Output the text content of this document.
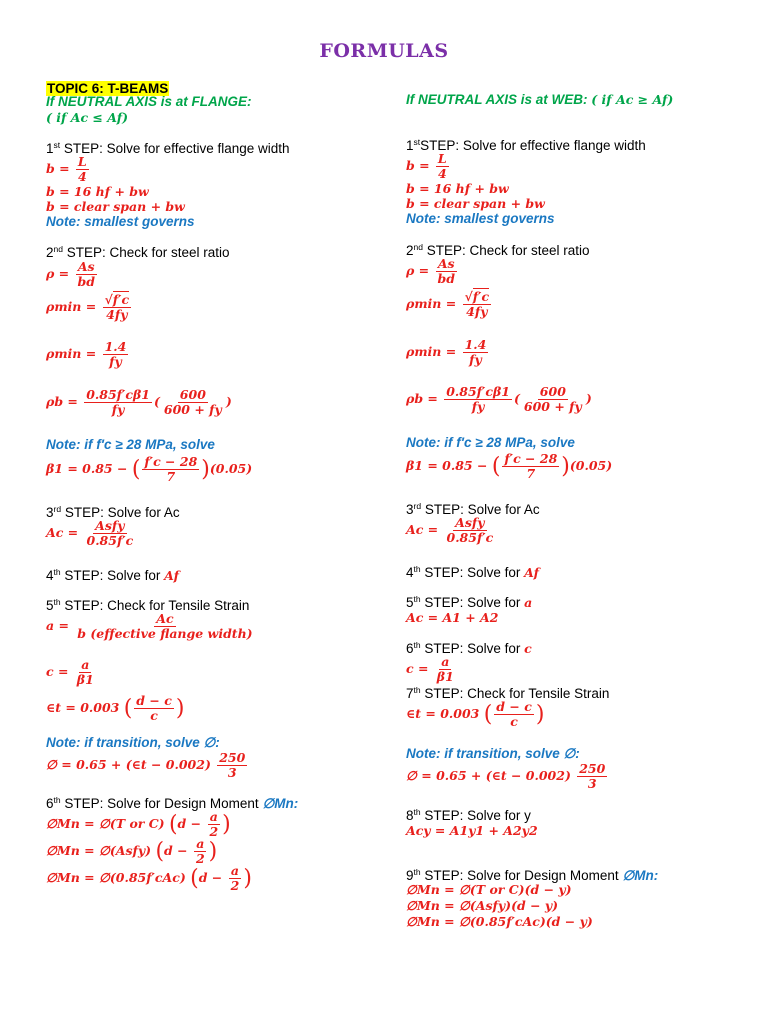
FORMULAS
TOPIC 6: T-BEAMS
If NEUTRAL AXIS is at FLANGE:
( if Ac ≤ Af)
1st STEP: Solve for effective flange width
$b = \frac{L}{4}$
b = 16 hf + bw
b = clear span + bw
Note: smallest governs
2nd STEP: Check for steel ratio
$\rho = \frac{As}{bd}$
$\rho\min = \frac{√f'c}{4fy}$
$\rho\min = \frac{1.4}{fy}$
$\rho b = \frac{0.85f'c\beta 1}{fy}$ ( $\frac{600}{600 + fy}$ )
Note: if f′c ≥ 28 MPa, solve
β1 = 0.85 − ( $\frac{f'c - 28}{7} )(0.05)$
3rd STEP: Solve for Ac
$Ac = \frac{\text{Asfy}}{0.85f'c}$
4th STEP: Solve for Af
5th STEP: Check for Tensile Strain
$a = \frac{Ac}{\text{b (effective flange width)}}$
$c = \frac{a}{\beta 1}$
∈t = 0.003 ( $\frac{d - c}{c}$ )
Note: if transition, solve ∅:
∅ = 0.65 + (∈t − $0.002) \frac{250}{3}$
6th STEP: Solve for Design Moment ∅Mn:
∅Mn = ∅(T or C) ($d - \frac{a}{2}$ )
∅Mn = ∅(Asfy) ($d - \frac{a}{2}$ )
∅Mn = ∅(0.85f′cAc) ($d - \frac{a}{2}$ )
If NEUTRAL AXIS is at WEB: ( if Ac ≥ Af)
1stSTEP: Solve for effective flange width
$b = \frac{L}{4}$
b = 16 hf + bw
b = clear span + bw
Note: smallest governs
2nd STEP: Check for steel ratio
$\rho = \frac{As}{bd}$
$\rho\min = \frac{√f'c}{4fy}$
$\rho\min = \frac{1.4}{fy}$
$\rho b = \frac{0.85f'c\beta 1}{fy}$ ( $\frac{600}{600 + fy}$ )
Note: if f′c ≥ 28 MPa, solve
β1 = 0.85 − ( $\frac{f'c - 28}{7} )(0.05)$
3rd STEP: Solve for Ac
$Ac = \frac{\text{Asfy}}{0.85f'c}$
4th STEP: Solve for Af
5th STEP: Solve for a
Ac = A1 + A2
6th STEP: Solve for c
$c = \frac{a}{\beta 1}$
7th STEP: Check for Tensile Strain
∈t = 0.003 ( $\frac{d - c}{c}$ )
Note: if transition, solve ∅:
∅ = 0.65 + (∈t − $0.002) \frac{250}{3}$
8th STEP: Solve for y
Acy = A1y1 + A2y2
9th STEP: Solve for Design Moment ∅Mn:
∅Mn = ∅(T or C)(d − y)
∅Mn = ∅(Asfy)(d − y)
∅Mn = ∅(0.85f′cAc)(d − y)
